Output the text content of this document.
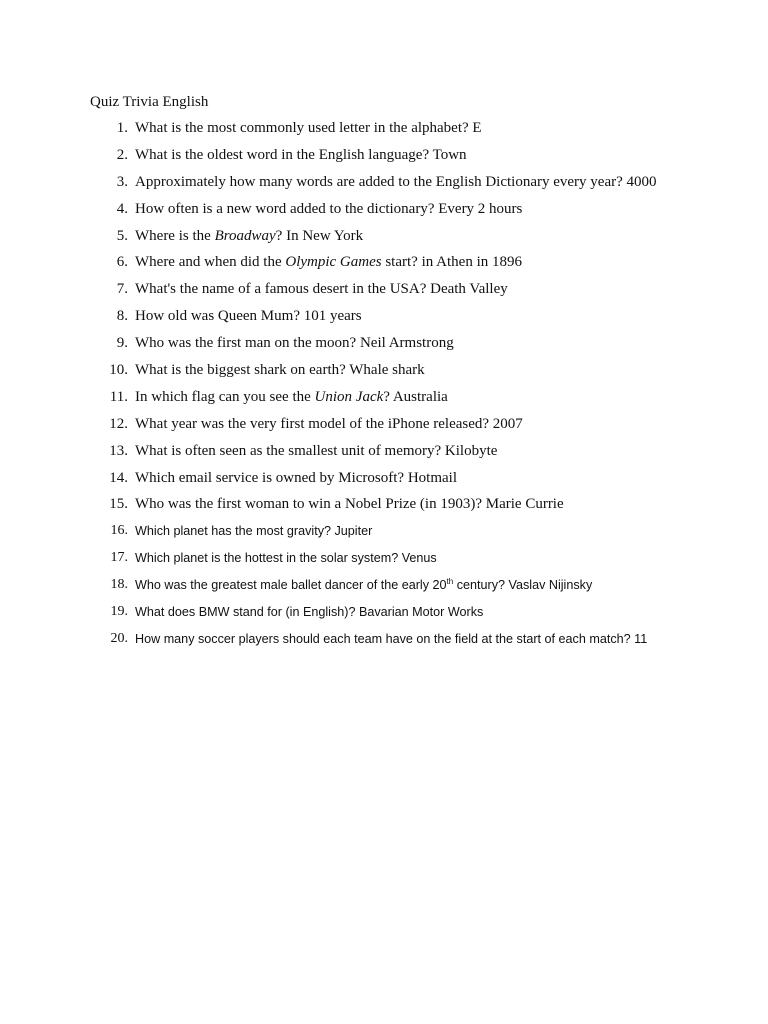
Quiz Trivia English
1. What is the most commonly used letter in the alphabet? E
2. What is the oldest word in the English language? Town
3. Approximately how many words are added to the English Dictionary every year? 4000
4. How often is a new word added to the dictionary? Every 2 hours
5. Where is the Broadway? In New York
6. Where and when did the Olympic Games start? in Athen in 1896
7. What's the name of a famous desert in the USA? Death Valley
8. How old was Queen Mum? 101 years
9. Who was the first man on the moon? Neil Armstrong
10. What is the biggest shark on earth? Whale shark
11. In which flag can you see the Union Jack? Australia
12. What year was the very first model of the iPhone released? 2007
13. What is often seen as the smallest unit of memory? Kilobyte
14. Which email service is owned by Microsoft? Hotmail
15. Who was the first woman to win a Nobel Prize (in 1903)? Marie Currie
16. Which planet has the most gravity? Jupiter
17. Which planet is the hottest in the solar system? Venus
18. Who was the greatest male ballet dancer of the early 20th century? Vaslav Nijinsky
19. What does BMW stand for (in English)? Bavarian Motor Works
20. How many soccer players should each team have on the field at the start of each match? 11
